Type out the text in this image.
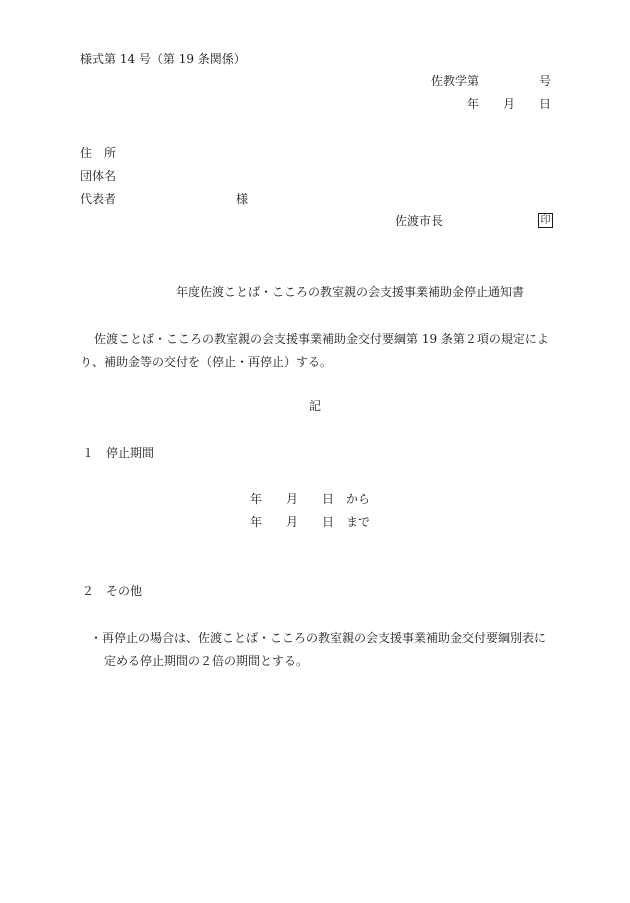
様式第 14 号（第 19 条関係）
佐教学第　　　　　号
年　　月　　日
住　所
団体名
代表者	様
佐渡市長	印
年度佐渡ことば・こころの教室親の会支援事業補助金停止通知書
佐渡ことば・こころの教室親の会支援事業補助金交付要綱第 19 条第２項の規定によ
り、補助金等の交付を（停止・再停止）する。
記
１　停止期間
年　　月　　日　から
年　　月　　日　まで
２　その他
・再停止の場合は、佐渡ことば・こころの教室親の会支援事業補助金交付要綱別表に
定める停止期間の２倍の期間とする。
